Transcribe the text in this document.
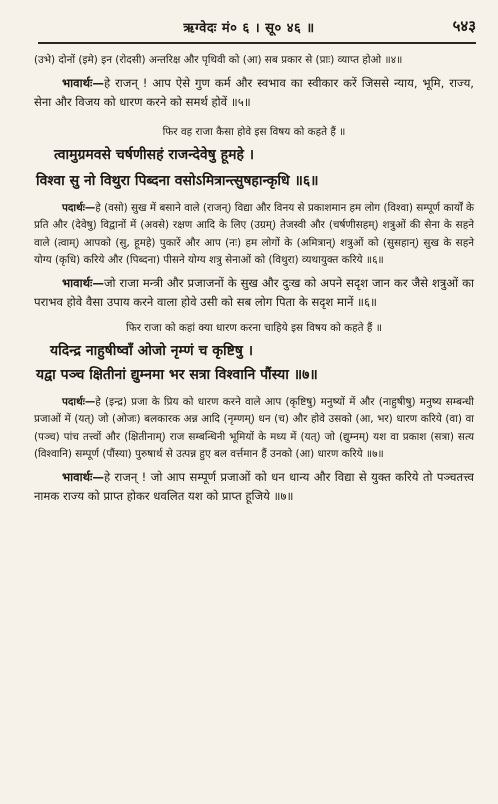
ऋग्वेदः मं० ६ । सू० ४६ ॥	५४३

(उभे) दोनों (इमे) इन (रोदसी) अन्तरिक्ष और पृथिवी को (आ) सब प्रकार से (प्राः) व्याप्त होओ ॥४॥

भावार्थः—हे राजन् ! आप ऐसे गुण कर्म और स्वभाव का स्वीकार करें जिससे न्याय, भूमि, राज्य, सेना और विजय को धारण करने को समर्थ होवें ॥५॥

फिर वह राजा कैसा होवे इस विषय को कहते हैं ॥

त्वामुग्रमवसे चर्षणीसहं राजन्देवेषु हूमहे ।

विश्वा सु नो विथुरा पिब्दना वसोऽमित्रान्त्सुषहान्कृधि ॥६॥

पदार्थः—हे (वसो) सुख में बसाने वाले (राजन्) विद्या और विनय से प्रकाशमान हम लोग (विश्वा) सम्पूर्ण कार्यों के प्रति और (देवेषु) विद्वानों में (अवसे) रक्षण आदि के लिए (उग्रम्) तेजस्वी और (चर्षणीसहम्) शत्रुओं की सेना के सहने वाले (त्वाम्) आपको (सु, हूमहे) पुकारें और आप (नः) हम लोगों के (अमित्रान्) शत्रुओं को (सुसहान्) सुख के सहने योग्य (कृधि) करिये और (पिब्दना) पीसने योग्य शत्रु सेनाओं को (विथुरा) व्यथायुक्त करिये ॥६॥

भावार्थः—जो राजा मन्त्री और प्रजाजनों के सुख और दुःख को अपने सदृश जान कर जैसे शत्रुओं का पराभव होवे वैसा उपाय करने वाला होवे उसी को सब लोग पिता के सदृश मानें ॥६॥

फिर राजा को कहां क्या धारण करना चाहिये इस विषय को कहते हैं ॥

यदिन्द्र नाहुषीष्वाँ ओजो नृम्णं च कृष्टिषु ।

यद्वा पञ्च क्षितीनां द्युम्नमा भर सत्रा विश्वानि पौंस्या ॥७॥

पदार्थः—हे (इन्द्र) प्रजा के प्रिय को धारण करने वाले आप (कृष्टिषु) मनुष्यों में और (नाहुषीषु) मनुष्य सम्बन्धी प्रजाओं में (यत्) जो (ओजः) बलकारक अन्न आदि (नृम्णम्) धन (च) और होवे उसको (आ, भर) धारण करिये (वा) वा (पञ्च) पांच तत्त्वों और (क्षितीनाम्) राज सम्बन्धिनी भूमियों के मध्य में (यत्) जो (द्युम्नम्) यश वा प्रकाश (सत्रा) सत्य (विश्वानि) सम्पूर्ण (पौंस्या) पुरुषार्थ से उत्पन्न हुए बल वर्त्तमान हैं उनको (आ) धारण करिये ॥७॥

भावार्थः—हे राजन् ! जो आप सम्पूर्ण प्रजाओं को धन धान्य और विद्या से युक्त करिये तो पञ्चतत्त्व नामक राज्य को प्राप्त होकर धवलित यश को प्राप्त हूजिये ॥७॥
